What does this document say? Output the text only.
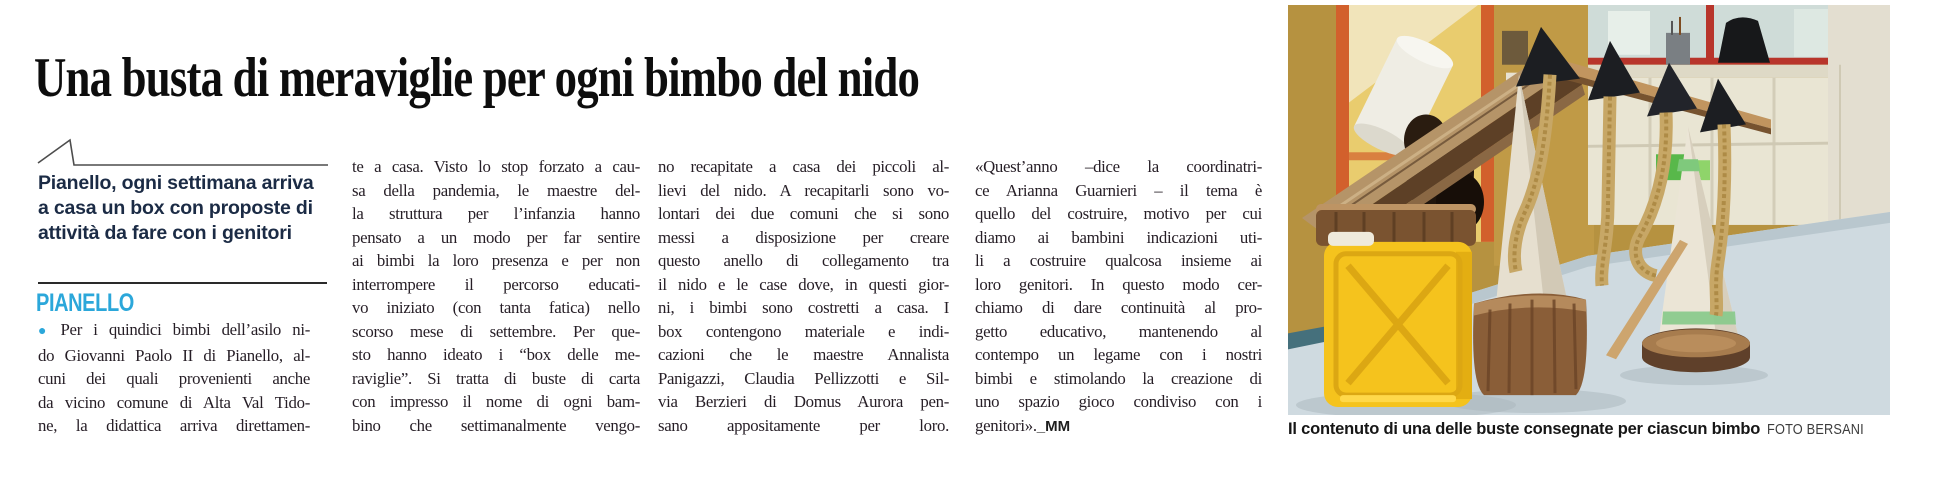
Una busta di meraviglie per ogni bimbo del nido
Pianello, ogni settimana arriva
a casa un box con proposte di
attività da fare con i genitori
PIANELLO
● Per i quindici bimbi dell’asilo ni-
do Giovanni Paolo II di Pianello, al-
cuni dei quali provenienti anche
da vicino comune di Alta Val Tido-
ne, la didattica arriva direttamen-
te a casa. Visto lo stop forzato a cau-
sa della pandemia, le maestre del-
la struttura per l’infanzia hanno
pensato a un modo per far sentire
ai bimbi la loro presenza e per non
interrompere il percorso educati-
vo iniziato (con tanta fatica) nello
scorso mese di settembre. Per que-
sto hanno ideato i “box delle me-
raviglie”. Si tratta di buste di carta
con impresso il nome di ogni bam-
bino che settimanalmente vengo-
no recapitate a casa dei piccoli al-
lievi del nido. A recapitarli sono vo-
lontari dei due comuni che si sono
messi a disposizione per creare
questo anello di collegamento tra
il nido e le case dove, in questi gior-
ni, i bimbi sono costretti a casa. I
box contengono materiale e indi-
cazioni che le maestre Annalista
Panigazzi, Claudia Pellizzotti e Sil-
via Berzieri di Domus Aurora pen-
sano appositamente per loro.
«Quest’anno –dice la coordinatri-
ce Arianna Guarnieri – il tema è
quello del costruire, motivo per cui
diamo ai bambini indicazioni uti-
li a costruire qualcosa insieme ai
loro genitori. In questo modo cer-
chiamo di dare continuità al pro-
getto educativo, mantenendo al
contempo un legame con i nostri
bimbi e stimolando la creazione di
uno spazio gioco condiviso con i
genitori»._MM	Il contenuto di una delle buste consegnate per ciascun bimbo FOTO BERSANI
